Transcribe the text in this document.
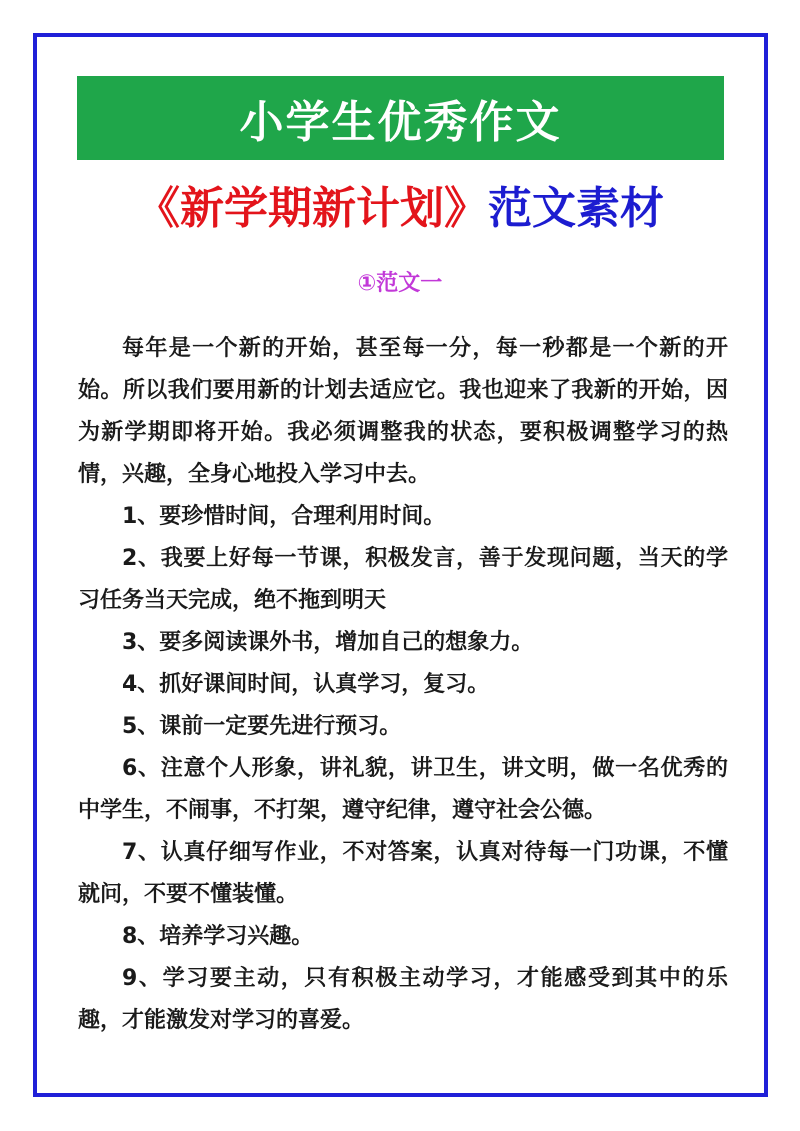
小学生优秀作文
《新学期新计划》 范文素材
①范文一

每年是一个新的开始，甚至每一分，每一秒都是一个新的开始。所以我们要用新的计划去适应它。我也迎来了我新的开始，因为新学期即将开始。我必须调整我的状态，要积极调整学习的热情，兴趣，全身心地投入学习中去。

1、要珍惜时间，合理利用时间。

2、我要上好每一节课，积极发言，善于发现问题，当天的学习任务当天完成，绝不拖到明天

3、要多阅读课外书，增加自己的想象力。

4、抓好课间时间，认真学习，复习。

5、课前一定要先进行预习。

6、注意个人形象，讲礼貌，讲卫生，讲文明，做一名优秀的中学生，不闹事，不打架，遵守纪律，遵守社会公德。

7、认真仔细写作业，不对答案，认真对待每一门功课，不懂就问，不要不懂装懂。

8、培养学习兴趣。

9、学习要主动，只有积极主动学习，才能感受到其中的乐趣，才能激发对学习的喜爱。
